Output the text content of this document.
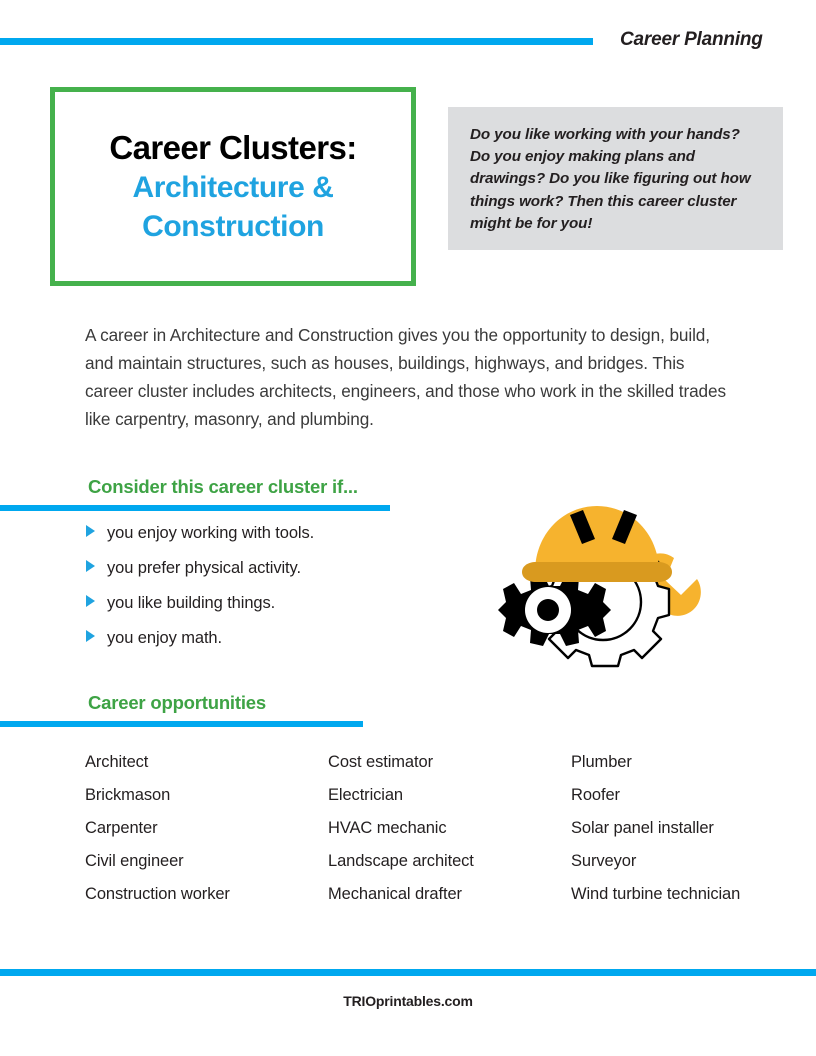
Career Planning
Career Clusters:
Architecture & Construction
Do you like working with your hands? Do you enjoy making plans and drawings? Do you like figuring out how things work? Then this career cluster might be for you!
A career in Architecture and Construction gives you the opportunity to design, build, and maintain structures, such as houses, buildings, highways, and bridges. This career cluster includes architects, engineers, and those who work in the skilled trades like carpentry, masonry, and plumbing.
Consider this career cluster if...
you enjoy working with tools.
you prefer physical activity.
you like building things.
you enjoy math.
Career opportunities
Architect
Brickmason
Carpenter
Civil engineer
Construction worker
Cost estimator
Electrician
HVAC mechanic
Landscape architect
Mechanical drafter
Plumber
Roofer
Solar panel installer
Surveyor
Wind turbine technician
TRIOprintables.com
